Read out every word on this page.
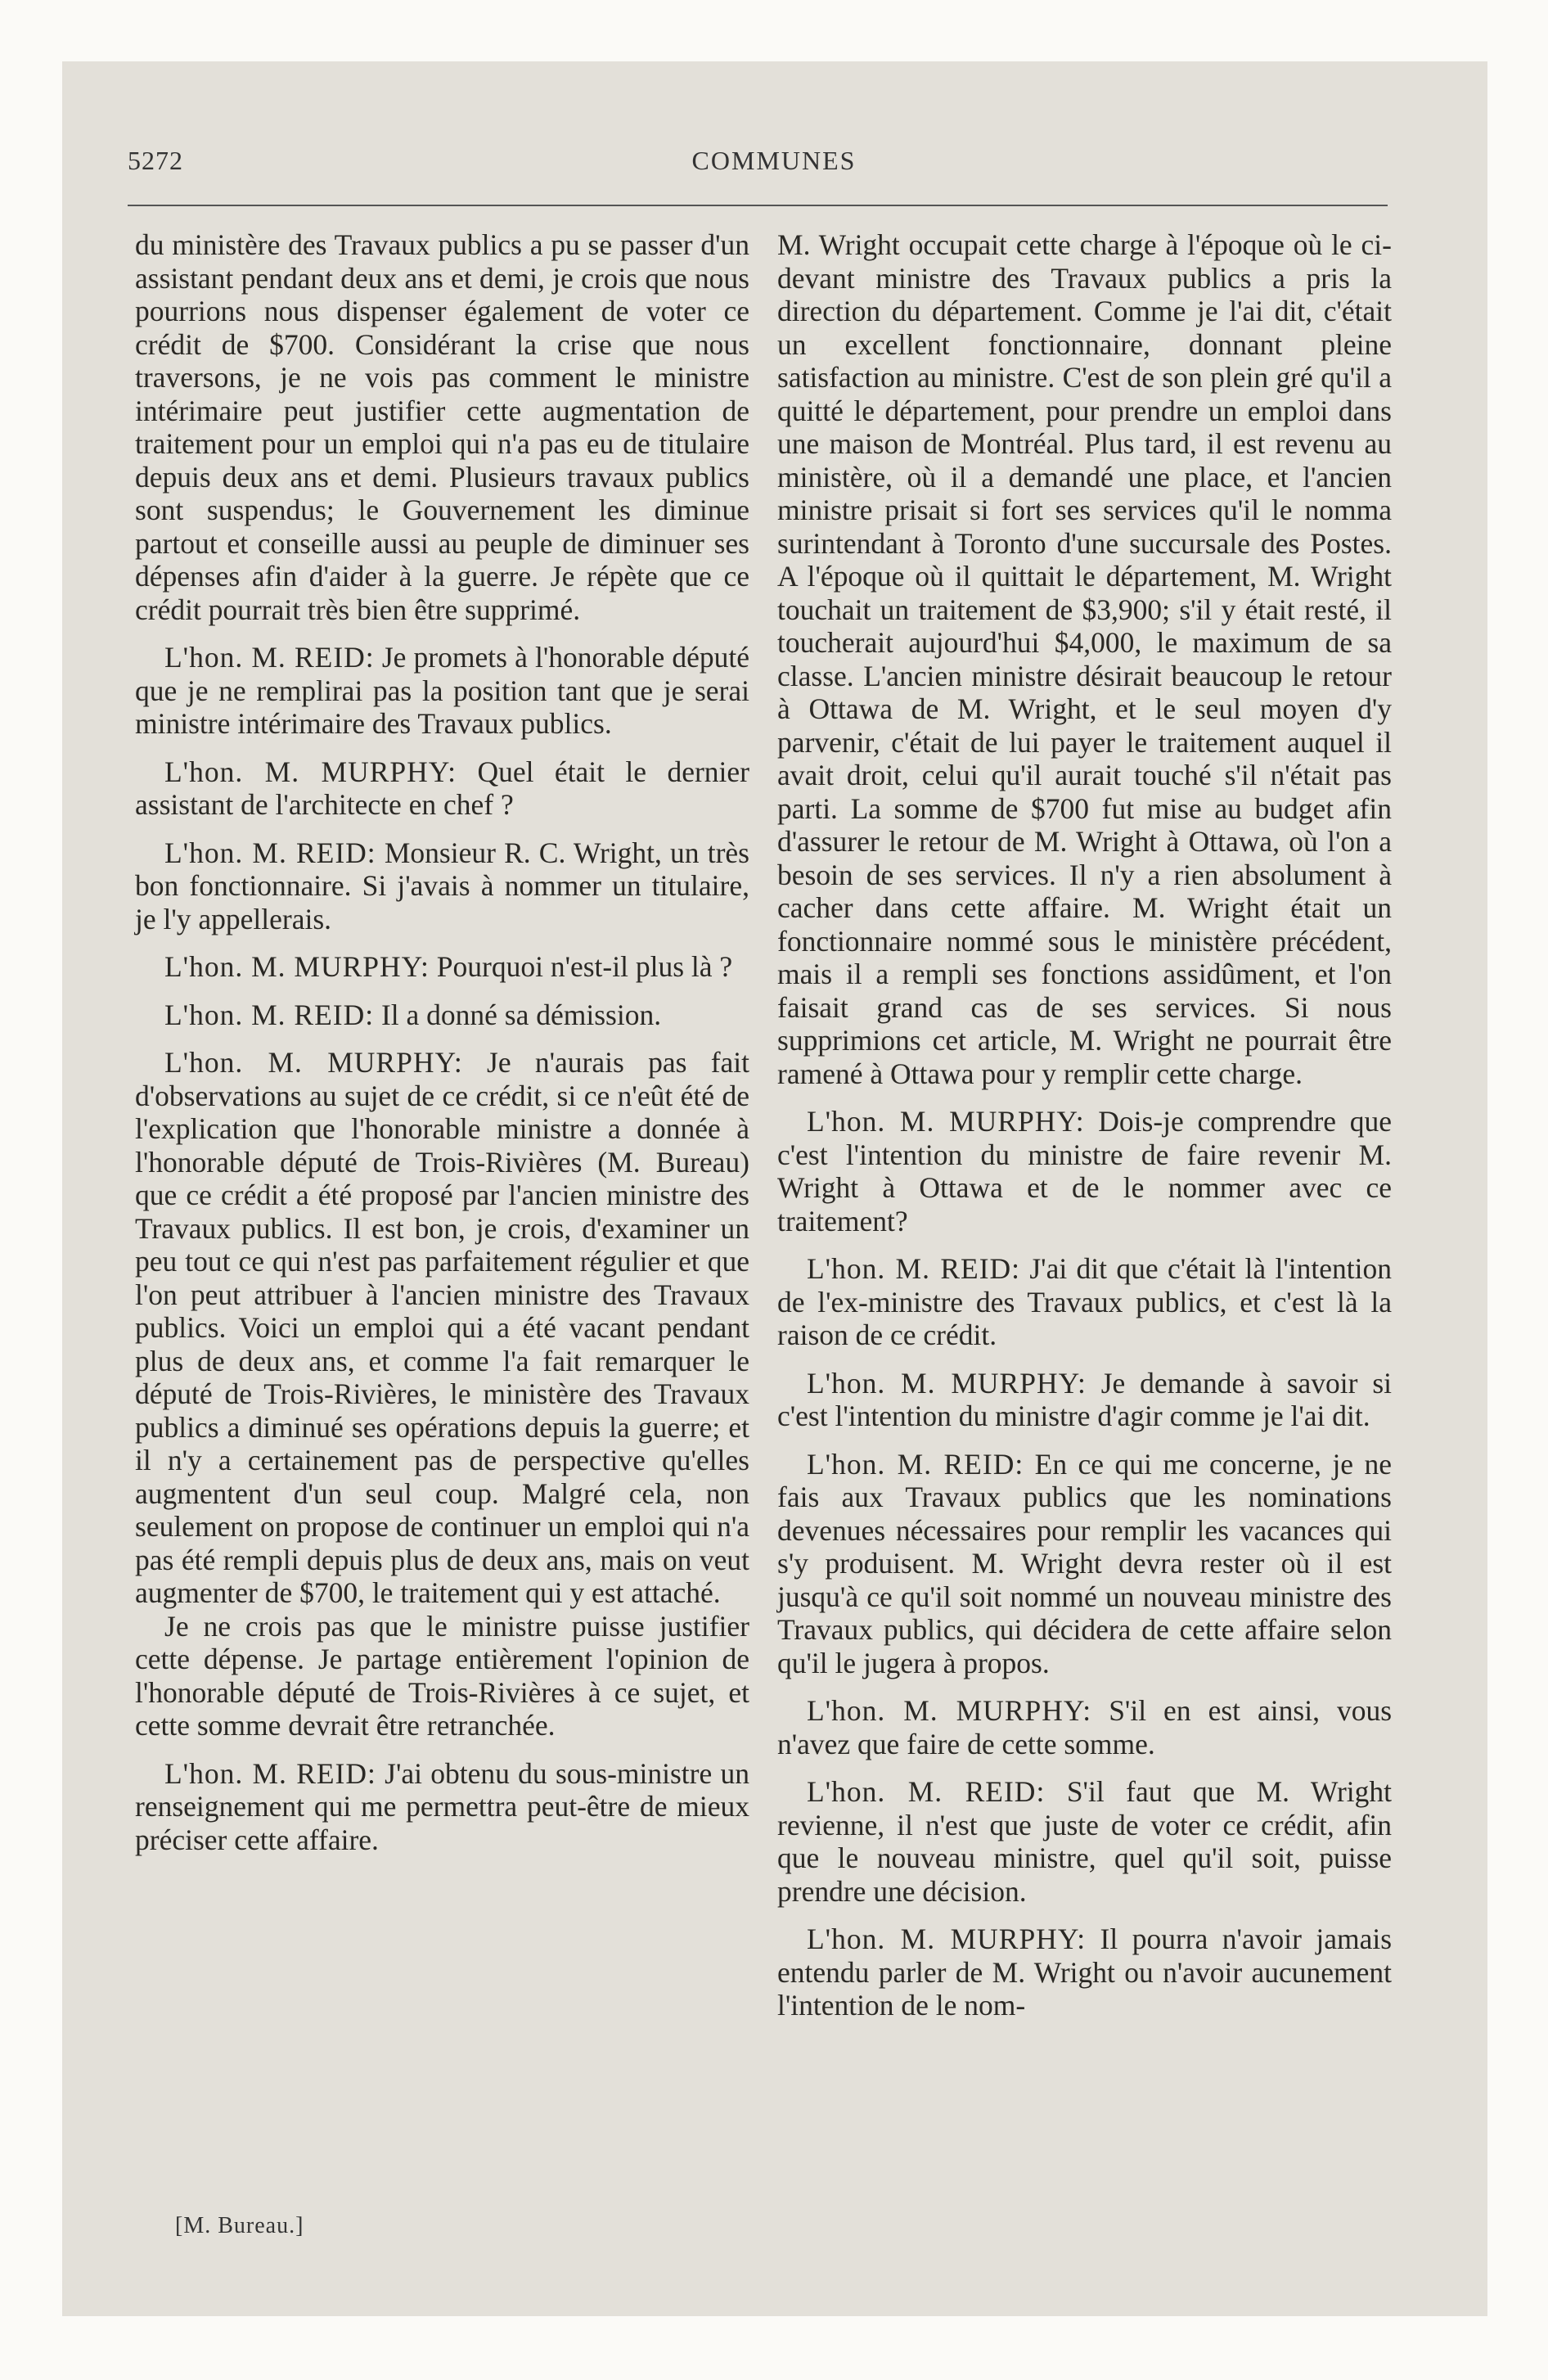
5272	COMMUNES

du ministère des Travaux publics a pu se passer d'un assistant pendant deux ans et demi, je crois que nous pourrions nous dispenser également de voter ce crédit de $700. Considérant la crise que nous traversons, je ne vois pas comment le ministre intérimaire peut justifier cette augmentation de traitement pour un emploi qui n'a pas eu de titulaire depuis deux ans et demi. Plusieurs travaux publics sont suspendus; le Gouvernement les diminue partout et conseille aussi au peuple de diminuer ses dépenses afin d'aider à la guerre. Je répète que ce crédit pourrait très bien être supprimé.

L'hon. M. REID: Je promets à l'honorable député que je ne remplirai pas la position tant que je serai ministre intérimaire des Travaux publics.

L'hon. M. MURPHY: Quel était le dernier assistant de l'architecte en chef ?

L'hon. M. REID: Monsieur R. C. Wright, un très bon fonctionnaire. Si j'avais à nommer un titulaire, je l'y appellerais.

L'hon. M. MURPHY: Pourquoi n'est-il plus là ?

L'hon. M. REID: Il a donné sa démission.

L'hon. M. MURPHY: Je n'aurais pas fait d'observations au sujet de ce crédit, si ce n'eût été de l'explication que l'honorable ministre a donnée à l'honorable député de Trois-Rivières (M. Bureau) que ce crédit a été proposé par l'ancien ministre des Travaux publics. Il est bon, je crois, d'examiner un peu tout ce qui n'est pas parfaitement régulier et que l'on peut attribuer à l'ancien ministre des Travaux publics. Voici un emploi qui a été vacant pendant plus de deux ans, et comme l'a fait remarquer le député de Trois-Rivières, le ministère des Travaux publics a diminué ses opérations depuis la guerre; et il n'y a certainement pas de perspective qu'elles augmentent d'un seul coup. Malgré cela, non seulement on propose de continuer un emploi qui n'a pas été rempli depuis plus de deux ans, mais on veut augmenter de $700, le traitement qui y est attaché.

Je ne crois pas que le ministre puisse justifier cette dépense. Je partage entièrement l'opinion de l'honorable député de Trois-Rivières à ce sujet, et cette somme devrait être retranchée.

L'hon. M. REID: J'ai obtenu du sous-ministre un renseignement qui me permettra peut-être de mieux préciser cette affaire.

M. Wright occupait cette charge à l'époque où le ci-devant ministre des Travaux publics a pris la direction du département. Comme je l'ai dit, c'était un excellent fonctionnaire, donnant pleine satisfaction au ministre. C'est de son plein gré qu'il a quitté le département, pour prendre un emploi dans une maison de Montréal. Plus tard, il est revenu au ministère, où il a demandé une place, et l'ancien ministre prisait si fort ses services qu'il le nomma surintendant à Toronto d'une succursale des Postes. A l'époque où il quittait le département, M. Wright touchait un traitement de $3,900; s'il y était resté, il toucherait aujourd'hui $4,000, le maximum de sa classe. L'ancien ministre désirait beaucoup le retour à Ottawa de M. Wright, et le seul moyen d'y parvenir, c'était de lui payer le traitement auquel il avait droit, celui qu'il aurait touché s'il n'était pas parti. La somme de $700 fut mise au budget afin d'assurer le retour de M. Wright à Ottawa, où l'on a besoin de ses services. Il n'y a rien absolument à cacher dans cette affaire. M. Wright était un fonctionnaire nommé sous le ministère précédent, mais il a rempli ses fonctions assidûment, et l'on faisait grand cas de ses services. Si nous supprimions cet article, M. Wright ne pourrait être ramené à Ottawa pour y remplir cette charge.

L'hon. M. MURPHY: Dois-je comprendre que c'est l'intention du ministre de faire revenir M. Wright à Ottawa et de le nommer avec ce traitement?

L'hon. M. REID: J'ai dit que c'était là l'intention de l'ex-ministre des Travaux publics, et c'est là la raison de ce crédit.

L'hon. M. MURPHY: Je demande à savoir si c'est l'intention du ministre d'agir comme je l'ai dit.

L'hon. M. REID: En ce qui me concerne, je ne fais aux Travaux publics que les nominations devenues nécessaires pour remplir les vacances qui s'y produisent. M. Wright devra rester où il est jusqu'à ce qu'il soit nommé un nouveau ministre des Travaux publics, qui décidera de cette affaire selon qu'il le jugera à propos.

L'hon. M. MURPHY: S'il en est ainsi, vous n'avez que faire de cette somme.

L'hon. M. REID: S'il faut que M. Wright revienne, il n'est que juste de voter ce crédit, afin que le nouveau ministre, quel qu'il soit, puisse prendre une décision.

L'hon. M. MURPHY: Il pourra n'avoir jamais entendu parler de M. Wright ou n'avoir aucunement l'intention de le nom-

[M. Bureau.]
